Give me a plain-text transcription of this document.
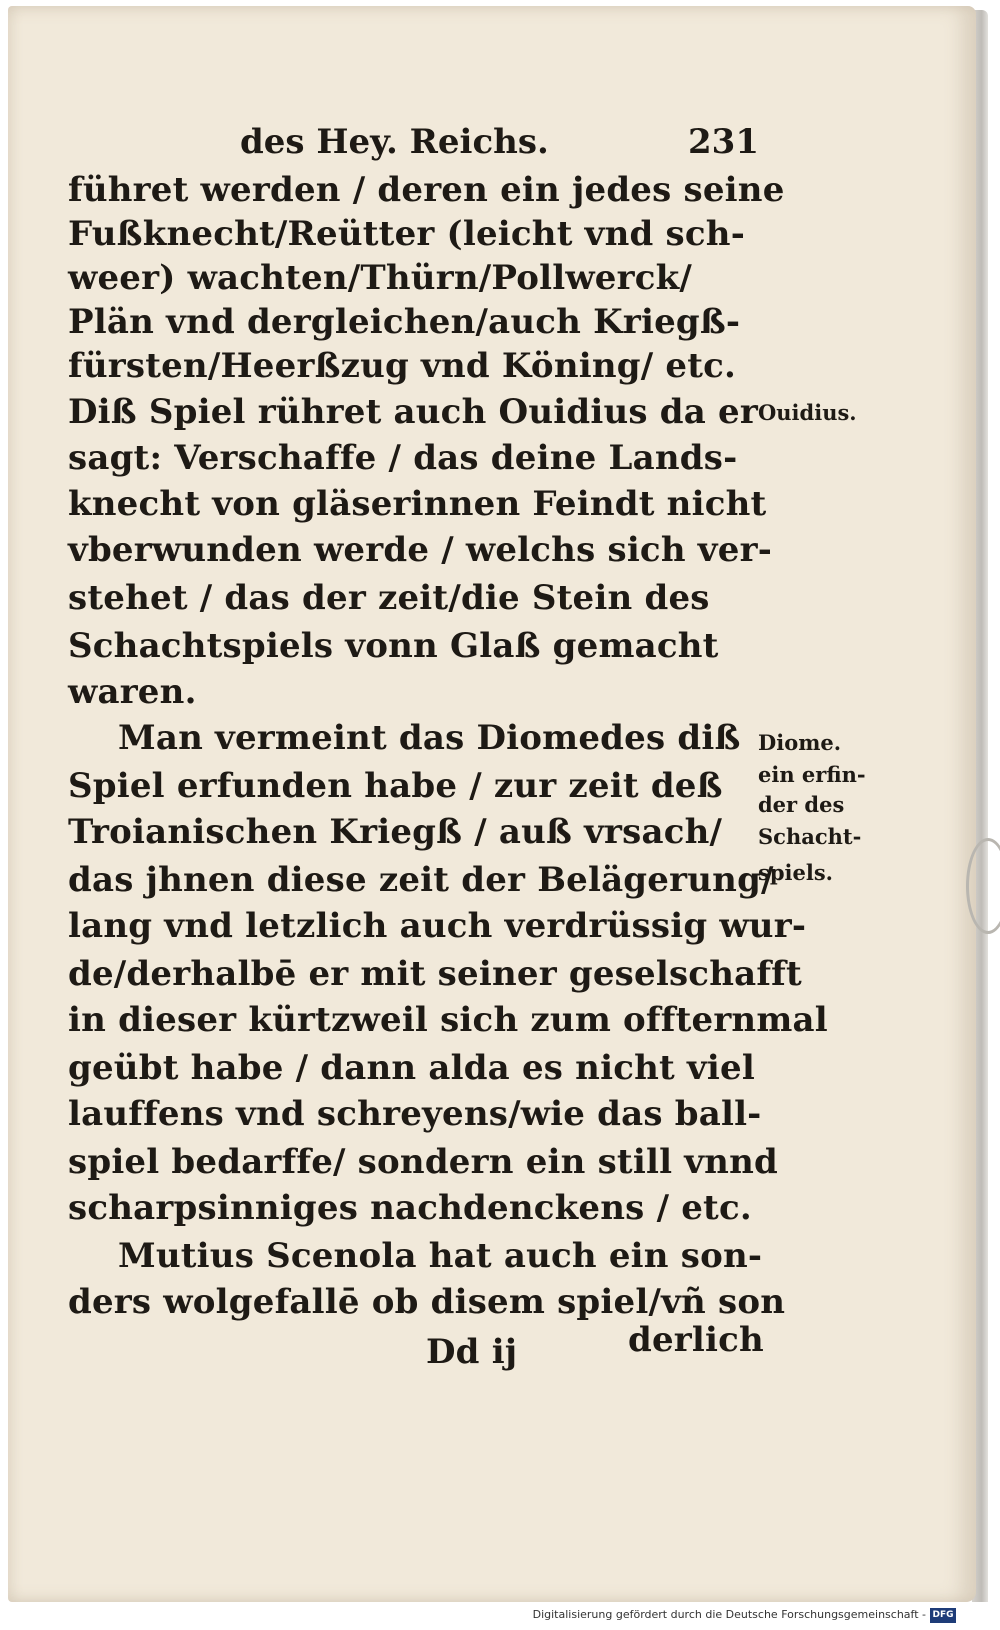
des Hey. Reichs.	231
führet werden / deren ein jedes seine
Fußknecht/Reütter (leicht vnd sch-
weer) wachten/Thürn/Pollwerck/
Plän vnd dergleichen/auch Kriegß-
fürsten/Heerßzug vnd Köning/ etc.
Diß Spiel rühret auch Ouidius da er
sagt: Verschaffe / das deine Lands-
knecht von gläserinnen Feindt nicht
vberwunden werde / welchs sich ver-
stehet / das der zeit/die Stein des
Schachtspiels vonn Glaß gemacht
waren.
Man vermeint das Diomedes diß
Spiel erfunden habe / zur zeit deß
Troianischen Kriegß / auß vrsach/
das jhnen diese zeit der Belägerung/
lang vnd letzlich auch verdrüssig wur-
de/derhalbē er mit seiner geselschafft
in dieser kürtzweil sich zum offternmal
geübt habe / dann alda es nicht viel
lauffens vnd schreyens/wie das ball-
spiel bedarffe/ sondern ein still vnnd
scharpsinniges nachdenckens / etc.
Mutius Scenola hat auch ein son-
ders wolgefallē ob disem spiel/vñ son
Dd ij	derlich
Ouidius.
Diome.
ein erfin-
der des
Schacht-
spiels.
Digitalisierung gefördert durch die Deutsche Forschungsgemeinschaft - DFG
